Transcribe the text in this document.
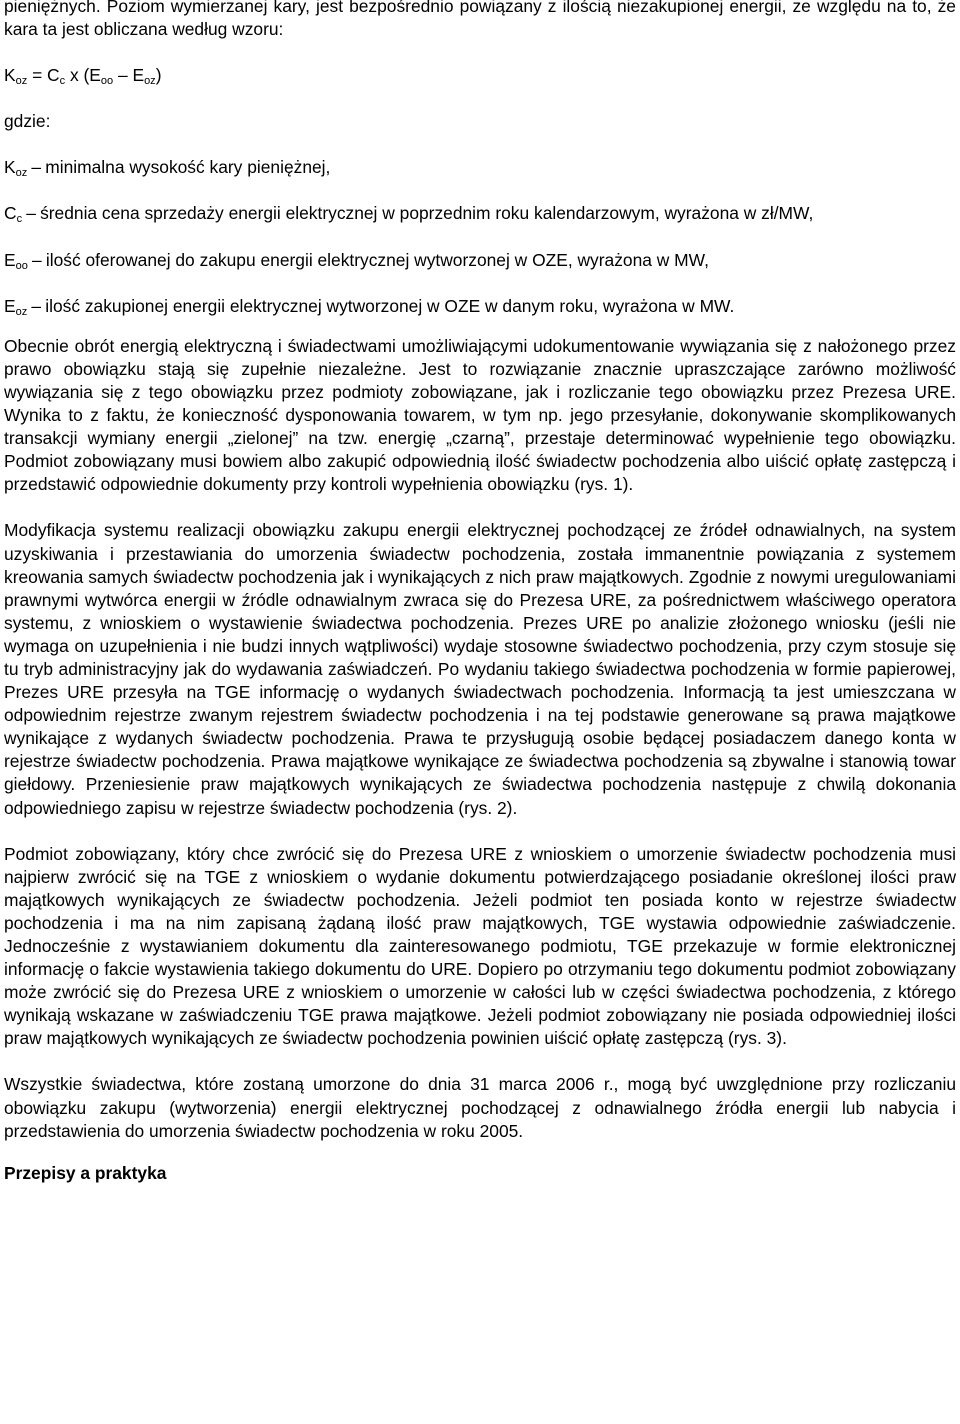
pieniężnych. Poziom wymierzanej kary, jest bezpośrednio powiązany z ilością niezakupionej energii, ze względu na to, że kara ta jest obliczana według wzoru:

$K_{oz} = C_c$ x $(E_{oo} - E_{oz})$

gdzie:

$K_{oz}$ – minimalna wysokość kary pieniężnej,

$C_c$ – średnia cena sprzedaży energii elektrycznej w poprzednim roku kalendarzowym, wyrażona w zł/MW,

$E_{oo}$ – ilość oferowanej do zakupu energii elektrycznej wytworzonej w OZE, wyrażona w MW,

$E_{oz}$ – ilość zakupionej energii elektrycznej wytworzonej w OZE w danym roku, wyrażona w MW.

Obecnie obrót energią elektryczną i świadectwami umożliwiającymi udokumentowanie wywiązania się z nałożonego przez prawo obowiązku stają się zupełnie niezależne. Jest to rozwiązanie znacznie upraszczające zarówno możliwość wywiązania się z tego obowiązku przez podmioty zobowiązane, jak i rozliczanie tego obowiązku przez Prezesa URE. Wynika to z faktu, że konieczność dysponowania towarem, w tym np. jego przesyłanie, dokonywanie skomplikowanych transakcji wymiany energii „zielonej” na tzw. energię „czarną”, przestaje determinować wypełnienie tego obowiązku. Podmiot zobowiązany musi bowiem albo zakupić odpowiednią ilość świadectw pochodzenia albo uiścić opłatę zastępczą i przedstawić odpowiednie dokumenty przy kontroli wypełnienia obowiązku (rys. 1).

Modyfikacja systemu realizacji obowiązku zakupu energii elektrycznej pochodzącej ze źródeł odnawialnych, na system uzyskiwania i przestawiania do umorzenia świadectw pochodzenia, została immanentnie powiązania z systemem kreowania samych świadectw pochodzenia jak i wynikających z nich praw majątkowych. Zgodnie z nowymi uregulowaniami prawnymi wytwórca energii w źródle odnawialnym zwraca się do Prezesa URE, za pośrednictwem właściwego operatora systemu, z wnioskiem o wystawienie świadectwa pochodzenia. Prezes URE po analizie złożonego wniosku (jeśli nie wymaga on uzupełnienia i nie budzi innych wątpliwości) wydaje stosowne świadectwo pochodzenia, przy czym stosuje się tu tryb administracyjny jak do wydawania zaświadczeń. Po wydaniu takiego świadectwa pochodzenia w formie papierowej, Prezes URE przesyła na TGE informację o wydanych świadectwach pochodzenia. Informacją ta jest umieszczana w odpowiednim rejestrze zwanym rejestrem świadectw pochodzenia i na tej podstawie generowane są prawa majątkowe wynikające z wydanych świadectw pochodzenia. Prawa te przysługują osobie będącej posiadaczem danego konta w rejestrze świadectw pochodzenia. Prawa majątkowe wynikające ze świadectwa pochodzenia są zbywalne i stanowią towar giełdowy. Przeniesienie praw majątkowych wynikających ze świadectwa pochodzenia następuje z chwilą dokonania odpowiedniego zapisu w rejestrze świadectw pochodzenia (rys. 2).

Podmiot zobowiązany, który chce zwrócić się do Prezesa URE z wnioskiem o umorzenie świadectw pochodzenia musi najpierw zwrócić się na TGE z wnioskiem o wydanie dokumentu potwierdzającego posiadanie określonej ilości praw majątkowych wynikających ze świadectw pochodzenia. Jeżeli podmiot ten posiada konto w rejestrze świadectw pochodzenia i ma na nim zapisaną żądaną ilość praw majątkowych, TGE wystawia odpowiednie zaświadczenie. Jednocześnie z wystawianiem dokumentu dla zainteresowanego podmiotu, TGE przekazuje w formie elektronicznej informację o fakcie wystawienia takiego dokumentu do URE. Dopiero po otrzymaniu tego dokumentu podmiot zobowiązany może zwrócić się do Prezesa URE z wnioskiem o umorzenie w całości lub w części świadectwa pochodzenia, z którego wynikają wskazane w zaświadczeniu TGE prawa majątkowe. Jeżeli podmiot zobowiązany nie posiada odpowiedniej ilości praw majątkowych wynikających ze świadectw pochodzenia powinien uiścić opłatę zastępczą (rys. 3).

Wszystkie świadectwa, które zostaną umorzone do dnia 31 marca 2006 r., mogą być uwzględnione przy rozliczaniu obowiązku zakupu (wytworzenia) energii elektrycznej pochodzącej z odnawialnego źródła energii lub nabycia i przedstawienia do umorzenia świadectw pochodzenia w roku 2005.

Przepisy a praktyka
